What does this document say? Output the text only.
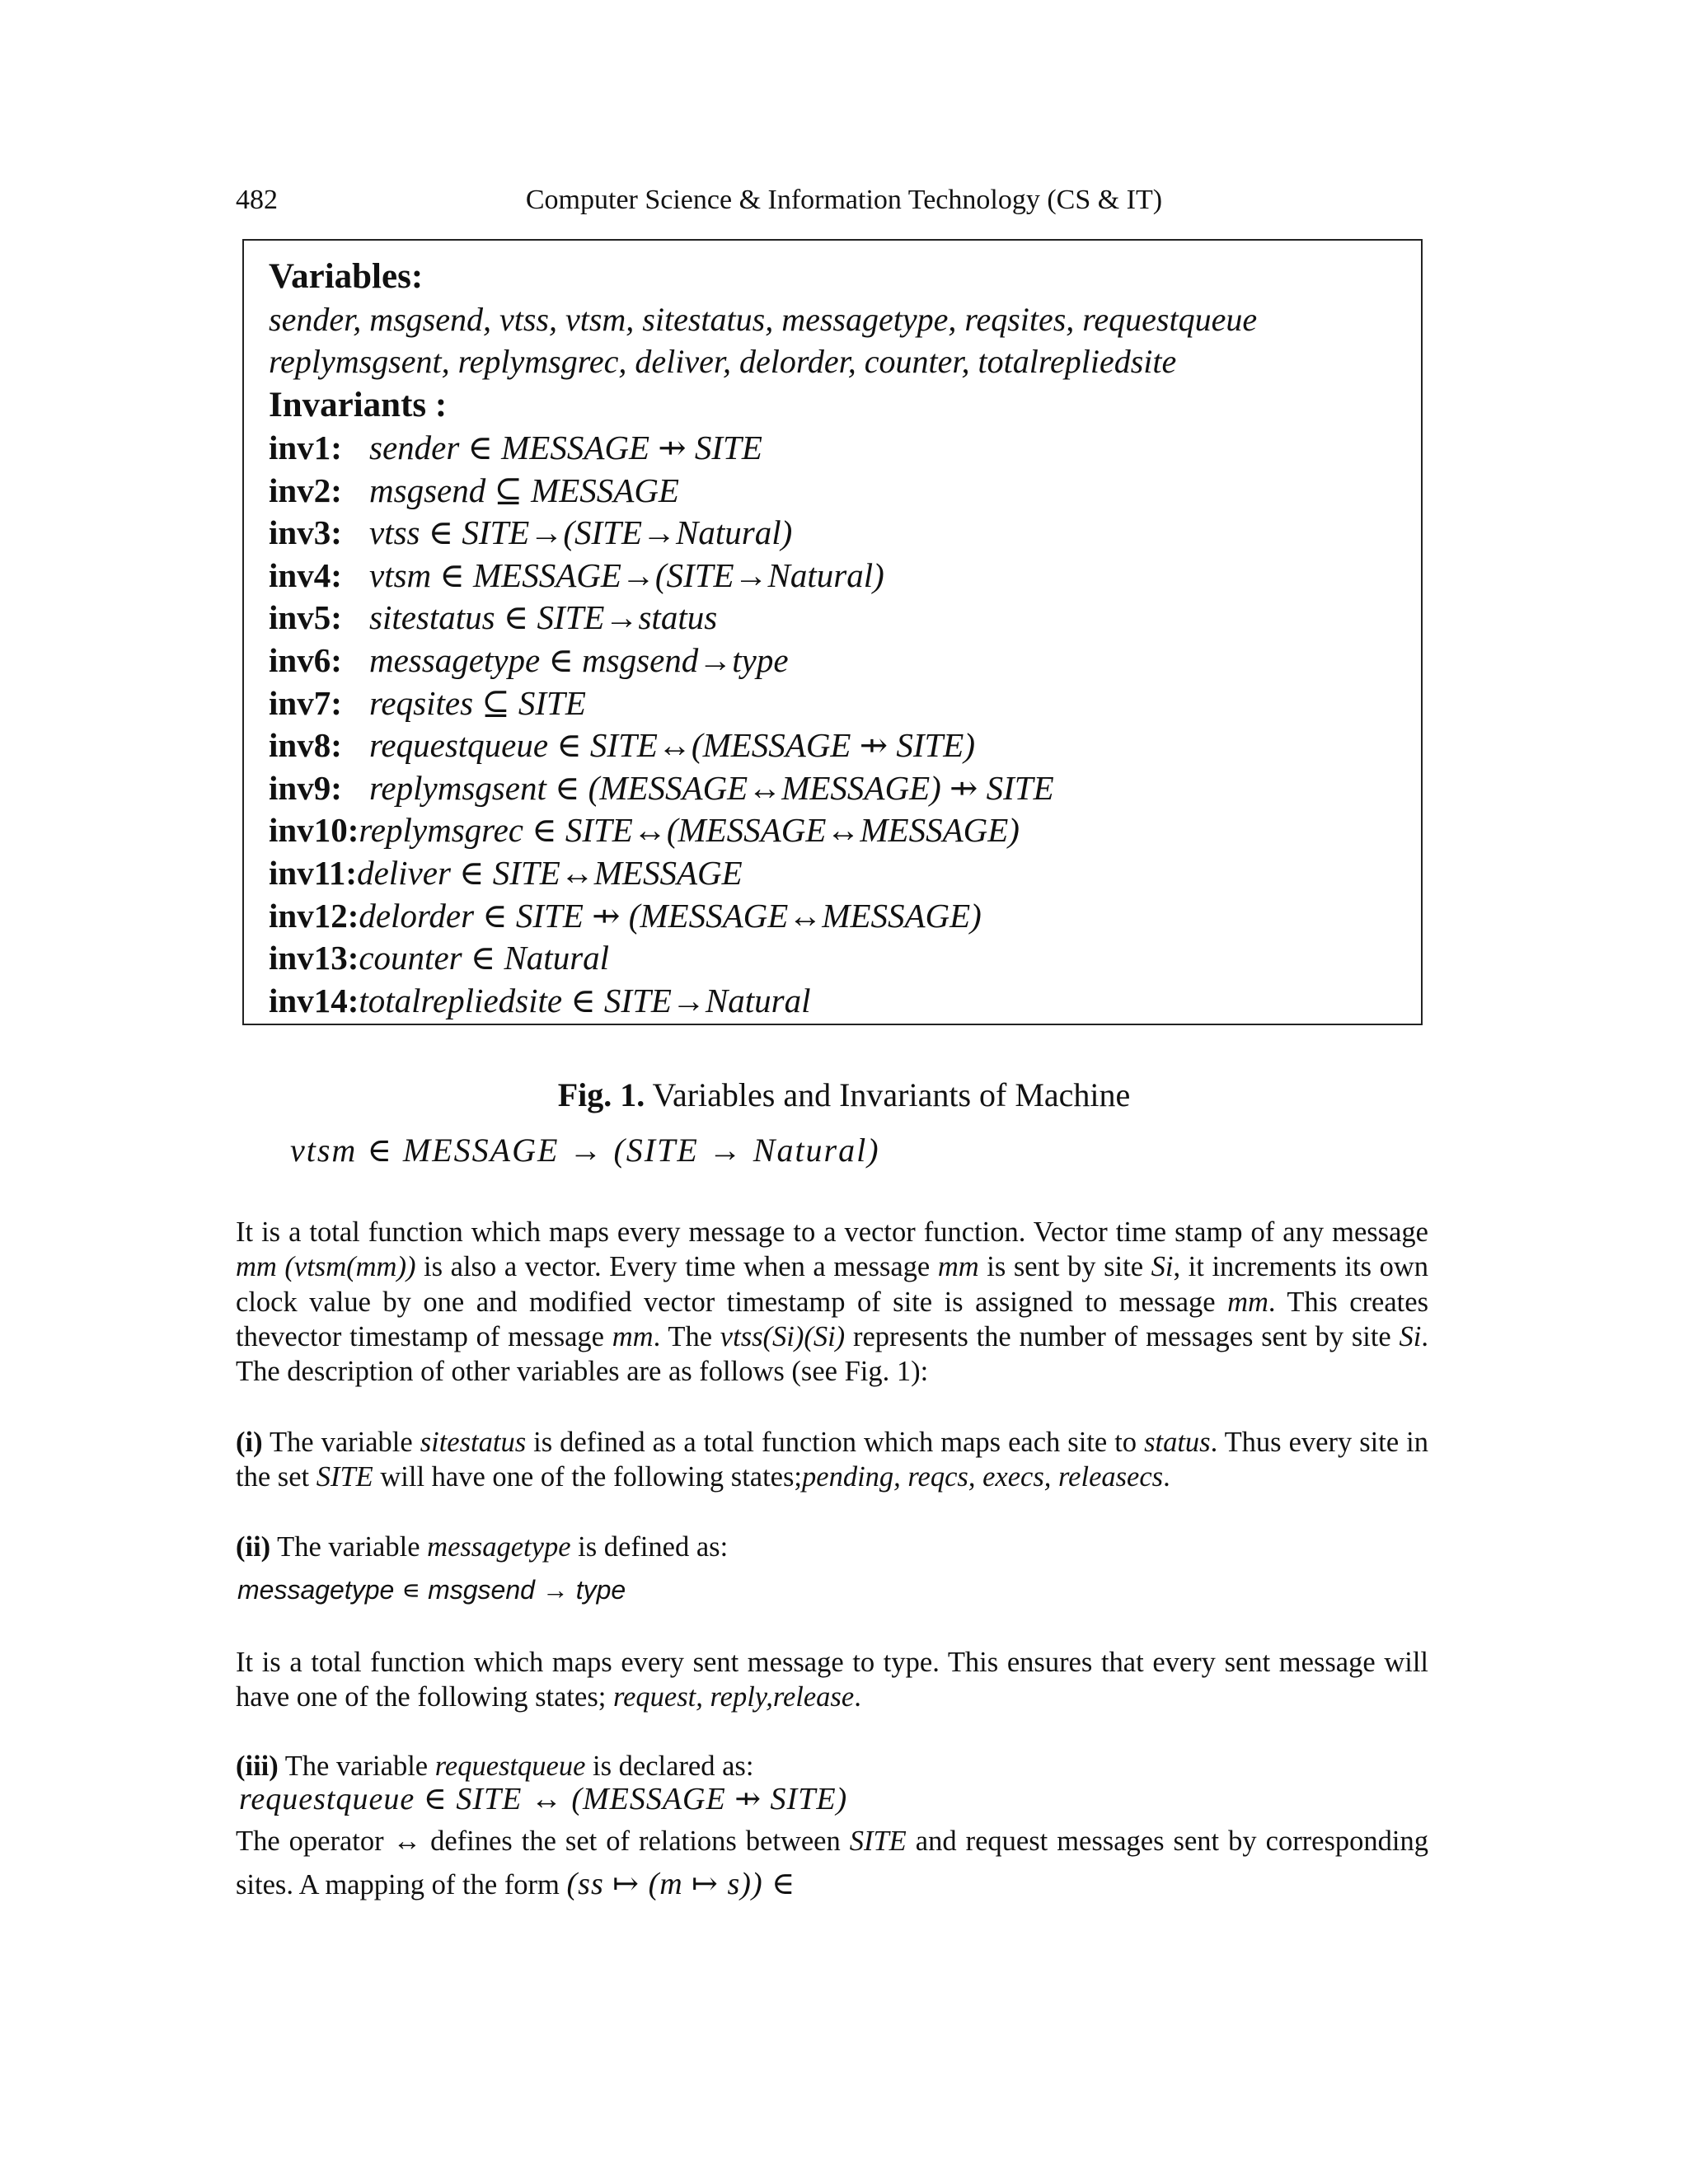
482	Computer Science & Information Technology (CS & IT)
Variables:
sender, msgsend, vtss, vtsm, sitestatus, messagetype, reqsites, requestqueue
replymsgsent, replymsgrec, deliver, delorder, counter, totalrepliedsite
Invariants :
inv1: sender ∈ MESSAGE ⇸ SITE
inv2: msgsend ⊆ MESSAGE
inv3: vtss ∈ SITE→(SITE→Natural)
inv4: vtsm ∈ MESSAGE→(SITE→Natural)
inv5: sitestatus ∈ SITE→status
inv6: messagetype ∈ msgsend→type
inv7: reqsites ⊆ SITE
inv8: requestqueue ∈ SITE↔(MESSAGE ⇸ SITE)
inv9: replymsgsent ∈ (MESSAGE↔MESSAGE) ⇸ SITE
inv10:replymsgrec ∈ SITE↔(MESSAGE↔MESSAGE)
inv11:deliver ∈ SITE↔MESSAGE
inv12:delorder ∈ SITE ⇸ (MESSAGE↔MESSAGE)
inv13:counter ∈ Natural
inv14:totalrepliedsite ∈ SITE→Natural
Fig. 1. Variables and Invariants of Machine
vtsm ∈ MESSAGE → (SITE → Natural)
It is a total function which maps every message to a vector function. Vector time stamp of any message mm (vtsm(mm)) is also a vector. Every time when a message mm is sent by site Si, it increments its own clock value by one and modified vector timestamp of site is assigned to message mm. This creates thevector timestamp of message mm. The vtss(Si)(Si) represents the number of messages sent by site Si. The description of other variables are as follows (see Fig. 1):
(i) The variable sitestatus is defined as a total function which maps each site to status. Thus every site in the set SITE will have one of the following states;pending, reqcs, execs, releasecs.
(ii) The variable messagetype is defined as:
messagetype ∊ msgsend → type
It is a total function which maps every sent message to type. This ensures that every sent message will have one of the following states; request, reply,release.
(iii) The variable requestqueue is declared as:
requestqueue ∈ SITE ↔ (MESSAGE ⇸ SITE)
The operator ↔ defines the set of relations between SITE and request messages sent by corresponding sites. A mapping of the form (ss ↦ (m ↦ s)) ∈
